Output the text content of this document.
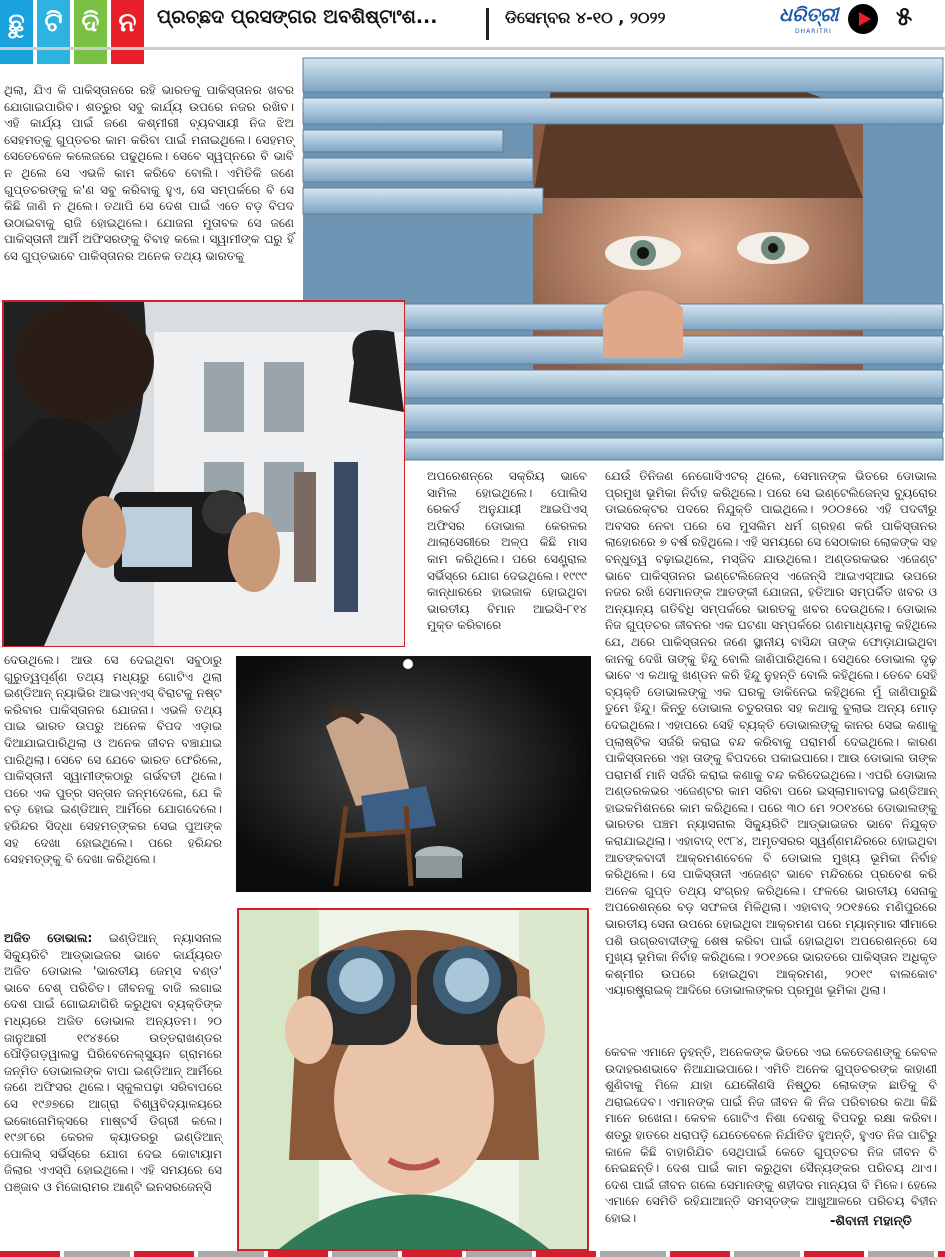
ଛୁ ଟି ଦି ନ	ପ୍ରଚ୍ଛଦ ପ୍ରସଙ୍ଗର ଅବଶିଷ୍ଟାଂଶ...	ଡିସେମ୍ବର ୪-୧୦ , ୨୦୨୨	ଧରିତ୍ରୀ
DHARITRI ୫
ଥିଲା, ଯିଏ କି ପାକିସ୍ତାନରେ ରହି ଭାରତକୁ ପାକିସ୍ତାନର ଖବର ଯୋଗାଇପାରିବ। ଶତ୍ରୁର ସବୁ କାର୍ଯ୍ୟ ଉପରେ ନଜର ରଖିବ। ଏହି କାର୍ଯ୍ୟ ପାଇଁ ଜଣେ କଶ୍ମୀରୀ ବ୍ୟବସାୟୀ ନିଜ ଝିଅ ସେହମତ୍‌କୁ ଗୁପ୍ତଚର କାମ କରିବା ପାଇଁ ମନାଇଥିଲେ। ସେହମତ୍‌ ସେତେବେଳେ କଲେଜରେ ପଢୁଥିଲେ। ସେବେ ସ୍ୱପ୍ନରେ ବି ଭାବି ନ ଥିଲେ ସେ ଏଭଳି କାମ କରିବେ ବୋଲି। ଏମିତିକି ଜଣେ ଗୁପ୍ତଚରଙ୍କୁ କ'ଣ ସବୁ କରିବାକୁ ହୁଏ, ସେ ସମ୍ପର୍କରେ ବି ସେ କିଛି ଜାଣି ନ ଥିଲେ। ତଥାପି ସେ ଦେଶ ପାଇଁ ଏତେ ବଡ଼ ବିପଦ ଉଠାଇବାକୁ ରାଜି ହୋଇଥିଲେ। ଯୋଜନା ମୁତାବକ ସେ ଜଣେ ପାକିସ୍ତାନୀ ଆର୍ମି ଅଫିସରଙ୍କୁ ବିବାହ କଲେ। ସ୍ୱାମୀଙ୍କ ଘରୁ ହିଁ ସେ ଗୁପ୍ତଭାବେ ପାକିସ୍ତାନର ଅନେକ ତଥ୍ୟ ଭାରତକୁ
ଅପରେଶନ୍‌ରେ ସକ୍ରିୟ ଭାବେ ସାମିଲ ହୋଇଥିଲେ। ପୋଲିସ ରେକର୍ଡ ଅନୁଯାୟୀ ଆଇପିଏସ୍‌ ଅଫିସର ଡୋଭାଲ କେରଳର ଥାଲାସେରୀରେ ଅଳ୍ପ କିଛି ମାସ କାମ କରିଥିଲେ। ପରେ ସେଣ୍ଟ୍ରାଲ ସର୍ଭିସ୍‌ରେ ଯୋଗ ଦେଇଥିଲେ। ୧୯୯୯ କାନ୍ଧାରରେ ହାଇଜାକ ହୋଇଥିବା ଭାରତୀୟ ବିମାନ ଆଇସି-୮୧୪ ମୁକ୍ତ କରିବାରେ
ଯେଉଁ ତିନିଜଣ ନେଗୋସିଏଟର୍ ଥିଲେ, ସେମାନଙ୍କ ଭିତରେ ଡୋଭାଲ ପ୍ରମୁଖ ଭୂମିକା ନିର୍ବାହ କରିଥିଲେ। ପରେ ସେ ଇଣ୍ଟେଲିଜେନ୍ସ ବ୍ୟୁରୋର ଡାଇରେକ୍ଟର ପଦରେ ନିଯୁକ୍ତି ପାଇଥିଲେ। ୨୦୦୫ରେ ଏହି ପଦବୀରୁ ଅବସର ନେବା ପରେ ସେ ମୁସଲିମ ଧର୍ମ ଗ୍ରହଣ କରି ପାକିସ୍ତାନର ଲାହୋରରେ ୭ ବର୍ଷ ରହିଥିଲେ। ଏହି ସମୟରେ ସେ ସେଠାକାର ଲୋକଙ୍କ ସହ ବନ୍ଧୁତ୍ୱ ବଢ଼ାଇଥିଲେ, ମସ୍‌ଜିଦ ଯାଉଥିଲେ। ଅଣ୍ଡରକଭର ଏଜେଣ୍ଟ ଭାବେ ପାକିସ୍ତାନର ଇଣ୍ଟେଲିଜେନ୍ସ ଏଜେନ୍ସି ଆଇଏସ୍‌ଆଇ ଉପରେ ନଜର ରଖି ସେମାନଙ୍କ ଆତଙ୍କୀ ଯୋଜନା, ହତିଆର ସମ୍ପର୍କିତ ଖବର ଓ ଅନ୍ୟାନ୍ୟ ଗତିବିଧି ସମ୍ପର୍କରେ ଭାରତକୁ ଖବର ଦେଉଥିଲେ। ଡୋଭାଲ ନିଜ ଗୁପ୍ତଚର ଜୀବନର ଏକ ଘଟଣା ସମ୍ପର୍କରେ ଗଣମାଧ୍ୟମକୁ କହିଥିଲେ ଯେ, ଥରେ ପାକିସ୍ତାନର ଜଣେ ସ୍ଥାନୀୟ ବାସିନ୍ଦା ତାଙ୍କ ଫୋଡ଼ାଯାଇଥିବା କାନକୁ ଦେଖି ତାଙ୍କୁ ହିନ୍ଦୁ ବୋଲି ଜାଣିପାରିଥିଲେ। ସେଥିରେ ଡୋଭାଲ ଦୃଢ଼ ଭାବେ ଏ କଥାକୁ ଖଣ୍ଡନ କରି ହିନ୍ଦୁ ନୁହନ୍ତି ବୋଲି କହିଥିଲେ। ତେବେ ସେହି ବ୍ୟକ୍ତି ଡୋଭାଲଙ୍କୁ ଏକ ଘରକୁ ଡାକିନେଇ କହିଥିଲେ ମୁଁ ଜାଣିପାରୁଛି ତୁମେ ହିନ୍ଦୁ। କିନ୍ତୁ ଡୋଭାଲ ଚତୁରତାର ସହ କଥାକୁ ବୁଲାଇ ଅନ୍ୟ ମୋଡ଼ ଦେଇଥିଲେ। ଏହାପରେ ସେହି ବ୍ୟକ୍ତି ଡୋଭାଲଙ୍କୁ କାନର ସେଇ କଣାକୁ ପ୍ଲାଷ୍ଟିକ ସର୍ଜରି କରାଇ ବନ୍ଦ କରିବାକୁ ପରାମର୍ଶ ଦେଇଥିଲେ। କାରଣ ପାକିସ୍ତାନରେ ଏହା ତାଙ୍କୁ ବିପଦରେ ପକାଇପାରେ। ଆଉ ଡୋଭାଲ ତାଙ୍କ ପରାମର୍ଶ ମାନି ସର୍ଜରି କରାଇ କଣାକୁ ବନ୍ଦ କରିଦେଇଥିଲେ। ଏପରି ଡୋଭାଲ ଅଣ୍ଡରକଭର ଏଜେଣ୍ଟର କାମ ସରିବା ପରେ ଇସ୍‌ଲାମାବାଦସ୍ଥ ଇଣ୍ଡିଆନ୍ ହାଇକମିଶନରେ କାମ କରିଥିଲେ। ପରେ ୩୦ ମେ ୨୦୧୪ରେ ଡୋଭାଲଙ୍କୁ ଭାରତର ପଞ୍ଚମ ନ୍ୟାସନାଲ ସିକ୍ୟୁରିଟି ଆଡ୍‌ଭାଇଜର ଭାବେ ନିଯୁକ୍ତ କରାଯାଇଥିଲା। ଏହାବାଦ୍ ୧୯୮୪, ଅମୃତସରର ସ୍ୱର୍ଣ୍ଣମନ୍ଦିରରେ ହୋଇଥିବା ଆତଙ୍କବାଦୀ ଆକ୍ରମଣବେଳେ ବି ଡୋଭାଲ ମୁଖ୍ୟ ଭୂମିକା ନିର୍ବାହ କରିଥିଲେ। ସେ ପାକିସ୍ତାନୀ ଏଜେଣ୍ଟ ଭାବେ ମନ୍ଦିରରେ ପ୍ରବେଶ କରି ଅନେକ ଗୁପ୍ତ ତଥ୍ୟ ସଂଗ୍ରହ କରିଥିଲେ। ଫଳରେ ଭାରତୀୟ ସେନାକୁ ଅପରେଶନ୍‌ରେ ବଡ଼ ସଫଳତା ମିଳିଥିଲା। ଏହାବାଦ୍ ୨୦୧୫ରେ ମଣିପୁରରେ ଭାରତୀୟ ସେନା ଉପରେ ହୋଇଥିବା ଆକ୍ରମଣ ପରେ ମ୍ୟାନ୍‌ମାର ସୀମାରେ ପଶି ଉଗ୍ରବାଦୀଙ୍କୁ ଶେଷ କରିବା ପାଇଁ ହୋଇଥିବା ଅପରେଶନ୍‌ରେ ସେ ମୁଖ୍ୟ ଭୂମିକା ନିର୍ବାହ କରିଥିଲେ। ୨୦୧୬ରେ ଭାରତରେ ପାକିସ୍ତାନ ଅଧିକୃତ କଶ୍ମୀର ଉପରେ ହୋଇଥିବା ଆକ୍ରମଣ, ୨୦୧୯ ବାଲକୋଟ ଏୟାରଷ୍ଟ୍ରାଇକ୍ ଆଦିରେ ଡୋଭାଲଙ୍କର ପ୍ରମୁଖ ଭୂମିକା ଥିଲା।
କେବଳ ଏମାନେ ନୁହନ୍ତି, ଅନେକଙ୍କ ଭିତରେ ଏଇ କେତେଜଣଙ୍କୁ କେବଳ ଉଦାହରଣଭାବେ ନିଆଯାଇପାରେ। ଏମିତି ଅନେକ ଗୁପ୍ତଚରଙ୍କ କାହାଣୀ ଶୁଣିବାକୁ ମିଳେ ଯାହା ଯେକୌଣସି ନିଷ୍ଠୁର ଲୋକଙ୍କ ଛାତିକୁ ବି ଥରାଇଦେବ। ଏମାନଙ୍କ ପାଇଁ ନିଜ ଜୀବନ କି ନିଜ ପରିବାରର କଥା କିଛି ମାନେ ରଖେନା। କେବଳ ଗୋଟିଏ ନିଶା ଦେଶକୁ ବିପଦରୁ ରକ୍ଷା କରିବା। ଶତ୍ରୁ ହାତରେ ଧରାପଡ଼ି ଯେତେବେଳେ ନିର୍ଯାତିତ ହୁଅନ୍ତି, ହୁଏତ ନିଜ ପାଟିରୁ କାଳେ କିଛି ବାହାରିଯିବ ସେଥିପାଇଁ କେତେ ଗୁପ୍ତଚର ନିଜ ଜୀବନ ବି ନେଇଛନ୍ତି। ଦେଶ ପାଇଁ କାମ କରୁଥିବା ସୈନ୍ୟଙ୍କର ପରିଚୟ ଥାଏ। ଦେଶ ପାଇଁ ଜୀବନ ଗଲେ ସେମାନଙ୍କୁ ଶହୀଦର ମାନ୍ୟତା ବି ମିଳେ। ହେଲେ ଏମାନେ ସେମିତି ରହିଯାଆନ୍ତି ସମସ୍ତଙ୍କ ଆଖୁଆଳରେ ପରିଚୟ ବିହୀନ ହୋଇ।	-ଶିବାନୀ ମହାନ୍ତି
ଦେଉଥିଲେ। ଆଉ ସେ ଦେଇଥିବା ସବୁଠାରୁ ଗୁରୁତ୍ୱପୂର୍ଣ୍ଣ ତଥ୍ୟ ମଧ୍ୟରୁ ଗୋଟିଏ ଥିଲା ଇଣ୍ଡିଆନ୍ ନ୍ୟାଭିର ଆଇଏନ୍‌ଏସ୍‌ ବିରାଟକୁ ନଷ୍ଟ କରିବାର ପାକିସ୍ତାନର ଯୋଜନା। ଏଭଳି ତଥ୍ୟ ପାଇ ଭାରତ ଉପରୁ ଅନେକ ବିପଦ ଏଡ଼ାଇ ଦିଆଯାଇପାରିଥିଲା ଓ ଅନେକ ଜୀବନ ବଞ୍ଚାଯାଇ ପାରିଥିଲା। ସେବେ ସେ ଯେବେ ଭାରତ ଫେରିଲେ, ପାକିସ୍ତାନୀ ସ୍ୱାମୀଙ୍କଠାରୁ ଗର୍ଭବତୀ ଥିଲେ। ପରେ ଏକ ପୁତ୍ର ସନ୍ତାନ ଜନ୍ମଦେଲେ, ଯେ କି ବଡ଼ ହୋଇ ଇଣ୍ଡିଆନ୍ ଆର୍ମିରେ ଯୋଗଦେଲେ। ହରିନ୍ଦର ସିଦ୍ଧା ସେହମତ୍‌ଙ୍କର ସେଇ ପୁଅଙ୍କ ସହ ଦେଖା ହୋଇଥିଲେ। ପରେ ହରିନ୍ଦର ସେହମତ୍‌ଙ୍କୁ ବି ଦେଖା କରିଥିଲେ।
ଅଜିତ ଡୋଭାଲ: ଇଣ୍ଡିଆନ୍ ନ୍ୟାସନାଲ ସିକ୍ୟୁରିଟି ଆଡ୍‌ଭାଇଜର ଭାବେ କାର୍ଯ୍ୟରତ ଅଜିତ ଡୋଭାଲ 'ଭାରତୀୟ ଜେମ୍ସ ବଣ୍ଡ' ଭାବେ ବେଶ୍ ପରିଚିତ। ଜୀବନକୁ ବାଜି ଲଗାଇ ଦେଶ ପାଇଁ ଗୋଇନ୍ଦାଗିରି କରୁଥିବା ବ୍ୟକ୍ତିଙ୍କ ମଧ୍ୟରେ ଅଜିତ ଡୋଭାଲ ଅନ୍ୟତମ। ୨୦ ଜାନୁଆରୀ ୧୯୪୫ରେ ଉତ୍ତରାଖଣ୍ଡର ପୌଡ଼ିଗଡ଼ୱାଲସ୍ଥ ଘିରିବେନେଲ୍‌ସ୍ୟୁନ ଗ୍ରାମରେ ଜନ୍ମିତ ଡୋଭାଲଙ୍କ ବାପା ଇଣ୍ଡିଆନ୍ ଆର୍ମିରେ ଜଣେ ଅଫିସର ଥିଲେ। ସ୍କୁଲପଢ଼ା ସରିବାପରେ ସେ ୧୯୬୭ରେ ଆଗ୍ରା ବିଶ୍ୱବିଦ୍ୟାଳୟରେ ଇକୋନୋମିକ୍ସରେ ମାଷ୍ଟର୍ସ ଡିଗ୍ରୀ କଲେ। ୧୯୬୮ରେ କେରଳ କ୍ୟାଡରରୁ ଇଣ୍ଡିଆନ୍ ପୋଲିସ୍ ସର୍ଭିସ୍‌ରେ ଯୋଗ ଦେଇ କୋଟାୟାମ ଜିଲାର ଏଏସ୍‌ପି ହୋଇଥିଲେ। ଏହି ସମୟରେ ସେ ପଞ୍ଜାବ ଓ ମିଜୋରାମର ଆଣ୍ଟି ଇନସରଜେନ୍ସି
